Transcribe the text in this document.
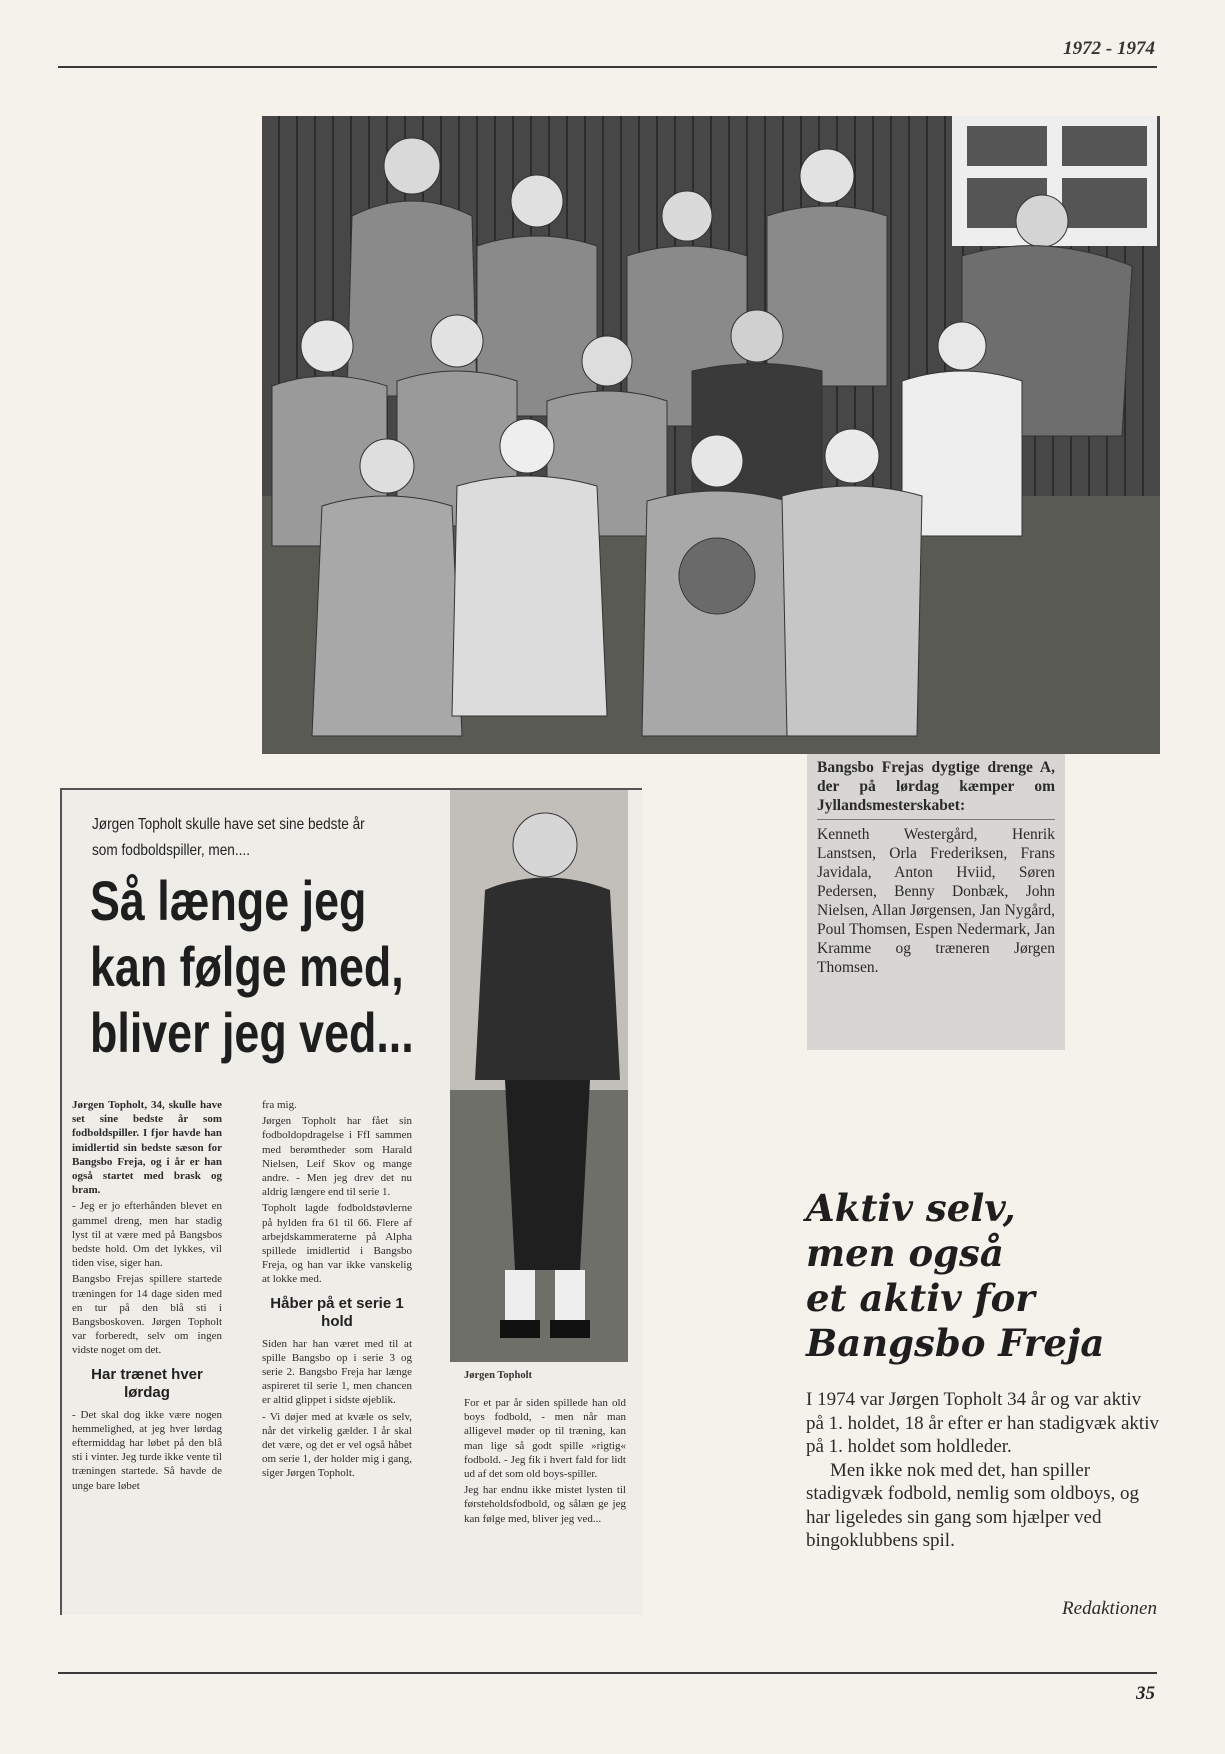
1972 - 1974
Bangsbo Frejas dygtige drenge A, der på lørdag kæmper om Jyllandsmesterskabet:
Kenneth Westergård, Henrik Lanstsen, Orla Frederiksen, Frans Javidala, Anton Hviid, Søren Pedersen, Benny Donbæk, John Nielsen, Allan Jørgensen, Jan Nygård, Poul Thomsen, Espen Nedermark, Jan Kramme og træneren Jørgen Thomsen.
Jørgen Topholt skulle have set sine bedste år
som fodboldspiller, men....
Så længe jeg
kan følge med,
bliver jeg ved...
Jørgen Topholt

Jørgen Topholt, 34, skulle have set sine bedste år som fodboldspiller. I fjor havde han imidlertid sin bedste sæson for Bangsbo Freja, og i år er han også startet med brask og bram.

- Jeg er jo efterhånden blevet en gammel dreng, men har stadig lyst til at være med på Bangsbos bedste hold. Om det lykkes, vil tiden vise, siger han.

Bangsbo Frejas spillere startede træningen for 14 dage siden med en tur på den blå sti i Bangsboskoven. Jørgen Topholt var forberedt, selv om ingen vidste noget om det.

Har trænet hver lørdag

- Det skal dog ikke være nogen hemmelighed, at jeg hver lørdag eftermiddag har løbet på den blå sti i vinter. Jeg turde ikke vente til træningen startede. Så havde de unge bare løbet

fra mig.

Jørgen Topholt har fået sin fodboldopdragelse i FfI sammen med berømtheder som Harald Nielsen, Leif Skov og mange andre. - Men jeg drev det nu aldrig længere end til serie 1.

Topholt lagde fodboldstøvlerne på hylden fra 61 til 66. Flere af arbejdskammeraterne på Alpha spillede imidlertid i Bangsbo Freja, og han var ikke vanskelig at lokke med.

Håber på et serie 1 hold

Siden har han været med til at spille Bangsbo op i serie 3 og serie 2. Bangsbo Freja har længe aspireret til serie 1, men chancen er altid glippet i sidste øjeblik.

- Vi døjer med at kvæle os selv, når det virkelig gælder. I år skal det være, og det er vel også håbet om serie 1, der holder mig i gang, siger Jørgen Topholt.

For et par år siden spillede han old boys fodbold, - men når man alligevel møder op til træning, kan man lige så godt spille »rigtig« fodbold. - Jeg fik i hvert fald for lidt ud af det som old boys-spiller.

Jeg har endnu ikke mistet lysten til førsteholdsfodbold, og sålæn ge jeg kan følge med, bliver jeg ved...

Aktiv selv,
men også
et aktiv for
Bangsbo Freja

I 1974 var Jørgen Topholt 34 år og var aktiv på 1. holdet, 18 år efter er han stadigvæk aktiv på 1. holdet som holdleder.

Men ikke nok med det, han spiller stadigvæk fodbold, nemlig som oldboys, og har ligeledes sin gang som hjælper ved bingoklubbens spil.

Redaktionen
35
